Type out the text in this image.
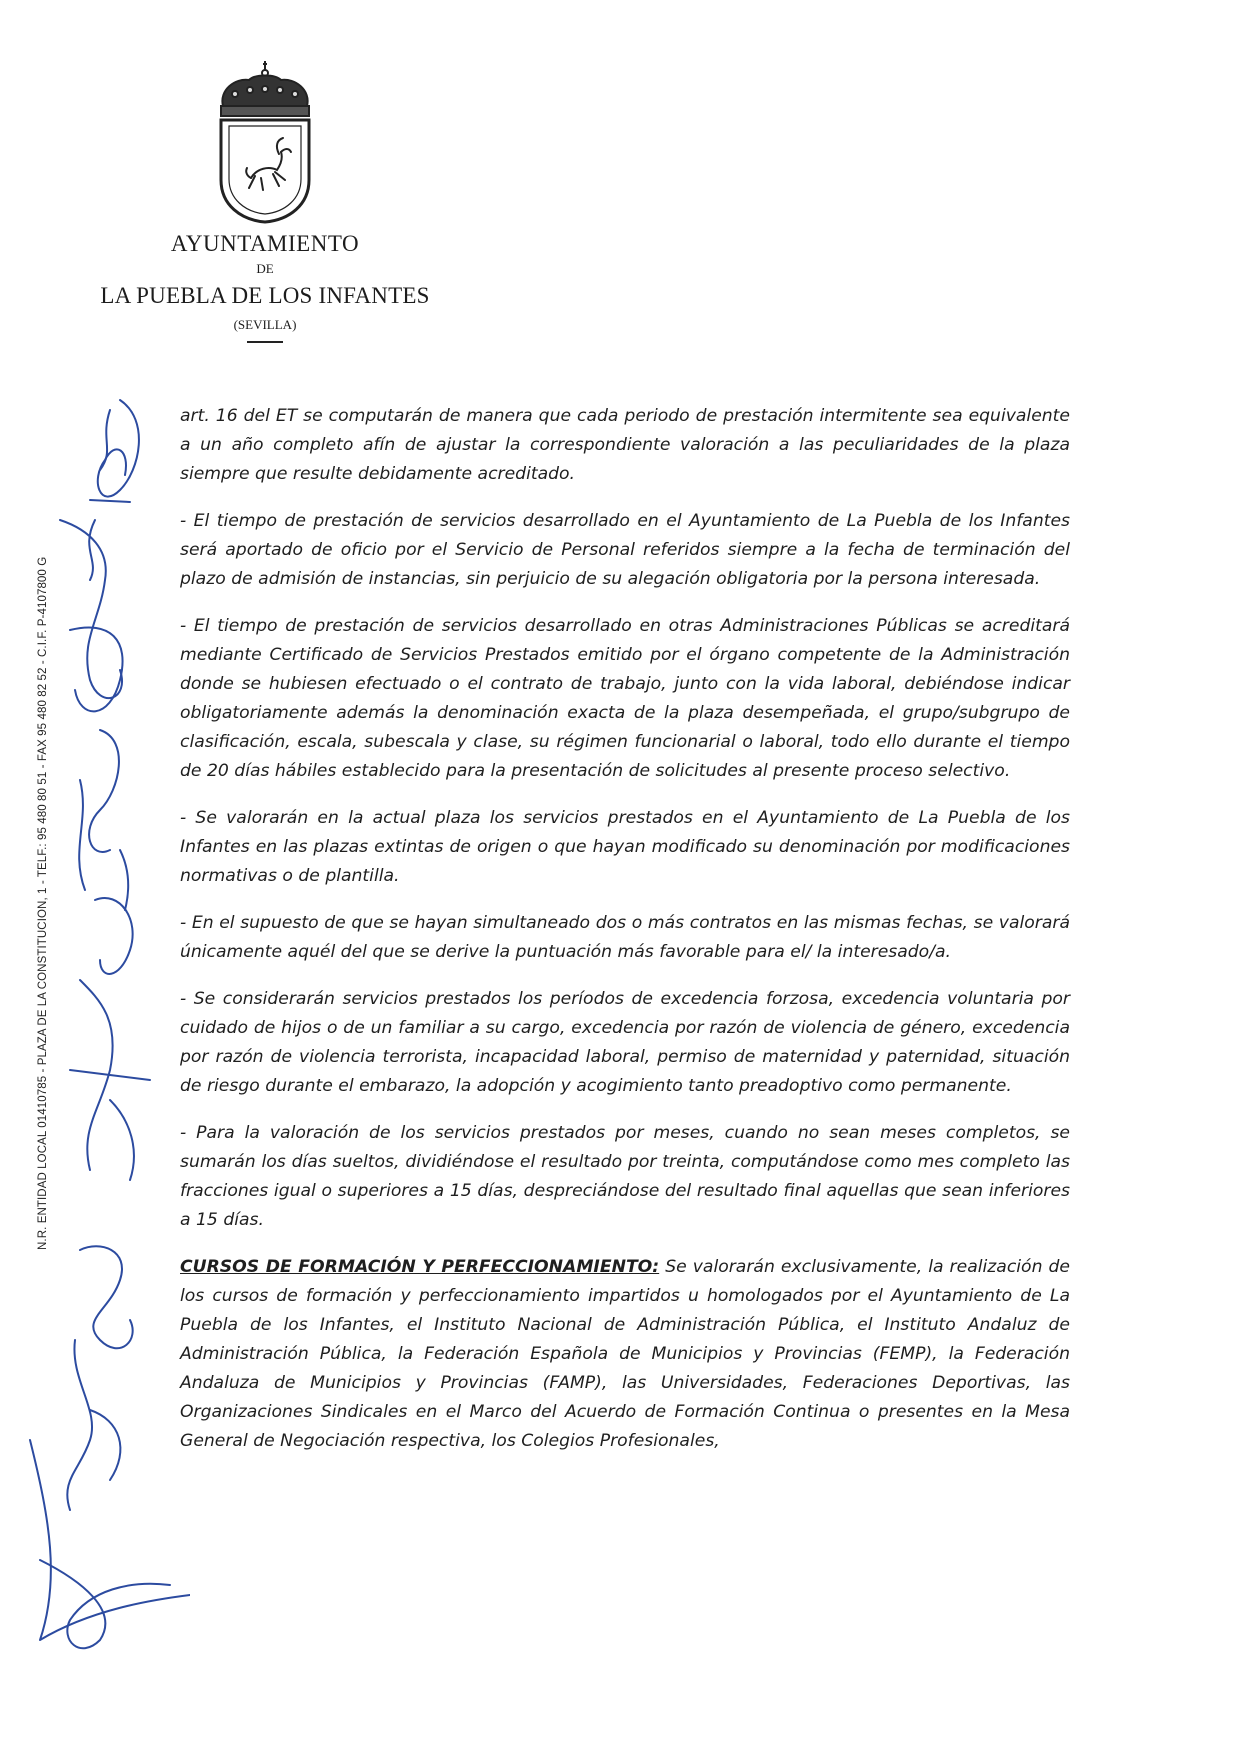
AYUNTAMIENTO
DE
LA PUEBLA DE LOS INFANTES
(SEVILLA)
N.R. ENTIDAD LOCAL 01410785 - PLAZA DE LA CONSTITUCION, 1 - TELF.: 95 480 80 51 - FAX 95 480 82 52 - C.I.F. P-4107800 G

art. 16 del ET se computarán de manera que cada periodo de prestación intermitente sea equivalente a un año completo afín de ajustar la correspondiente valoración a las peculiaridades de la plaza siempre que resulte debidamente acreditado.

- El tiempo de prestación de servicios desarrollado en el Ayuntamiento de La Puebla de los Infantes será aportado de oficio por el Servicio de Personal referidos siempre a la fecha de terminación del plazo de admisión de instancias, sin perjuicio de su alegación obligatoria por la persona interesada.

- El tiempo de prestación de servicios desarrollado en otras Administraciones Públicas se acreditará mediante Certificado de Servicios Prestados emitido por el órgano competente de la Administración donde se hubiesen efectuado o el contrato de trabajo, junto con la vida laboral, debiéndose indicar obligatoriamente además la denominación exacta de la plaza desempeñada, el grupo/subgrupo de clasificación, escala, subescala y clase, su régimen funcionarial o laboral, todo ello durante el tiempo de 20 días hábiles establecido para la presentación de solicitudes al presente proceso selectivo.

- Se valorarán en la actual plaza los servicios prestados en el Ayuntamiento de La Puebla de los Infantes en las plazas extintas de origen o que hayan modificado su denominación por modificaciones normativas o de plantilla.

- En el supuesto de que se hayan simultaneado dos o más contratos en las mismas fechas, se valorará únicamente aquél del que se derive la puntuación más favorable para el/ la interesado/a.

- Se considerarán servicios prestados los períodos de excedencia forzosa, excedencia voluntaria por cuidado de hijos o de un familiar a su cargo, excedencia por razón de violencia de género, excedencia por razón de violencia terrorista, incapacidad laboral, permiso de maternidad y paternidad, situación de riesgo durante el embarazo, la adopción y acogimiento tanto preadoptivo como permanente.

- Para la valoración de los servicios prestados por meses, cuando no sean meses completos, se sumarán los días sueltos, dividiéndose el resultado por treinta, computándose como mes completo las fracciones igual o superiores a 15 días, despreciándose del resultado final aquellas que sean inferiores a 15 días.

CURSOS DE FORMACIÓN Y PERFECCIONAMIENTO: Se valorarán exclusivamente, la realización de los cursos de formación y perfeccionamiento impartidos u homologados por el Ayuntamiento de La Puebla de los Infantes, el Instituto Nacional de Administración Pública, el Instituto Andaluz de Administración Pública, la Federación Española de Municipios y Provincias (FEMP), la Federación Andaluza de Municipios y Provincias (FAMP), las Universidades, Federaciones Deportivas, las Organizaciones Sindicales en el Marco del Acuerdo de Formación Continua o presentes en la Mesa General de Negociación respectiva, los Colegios Profesionales,
